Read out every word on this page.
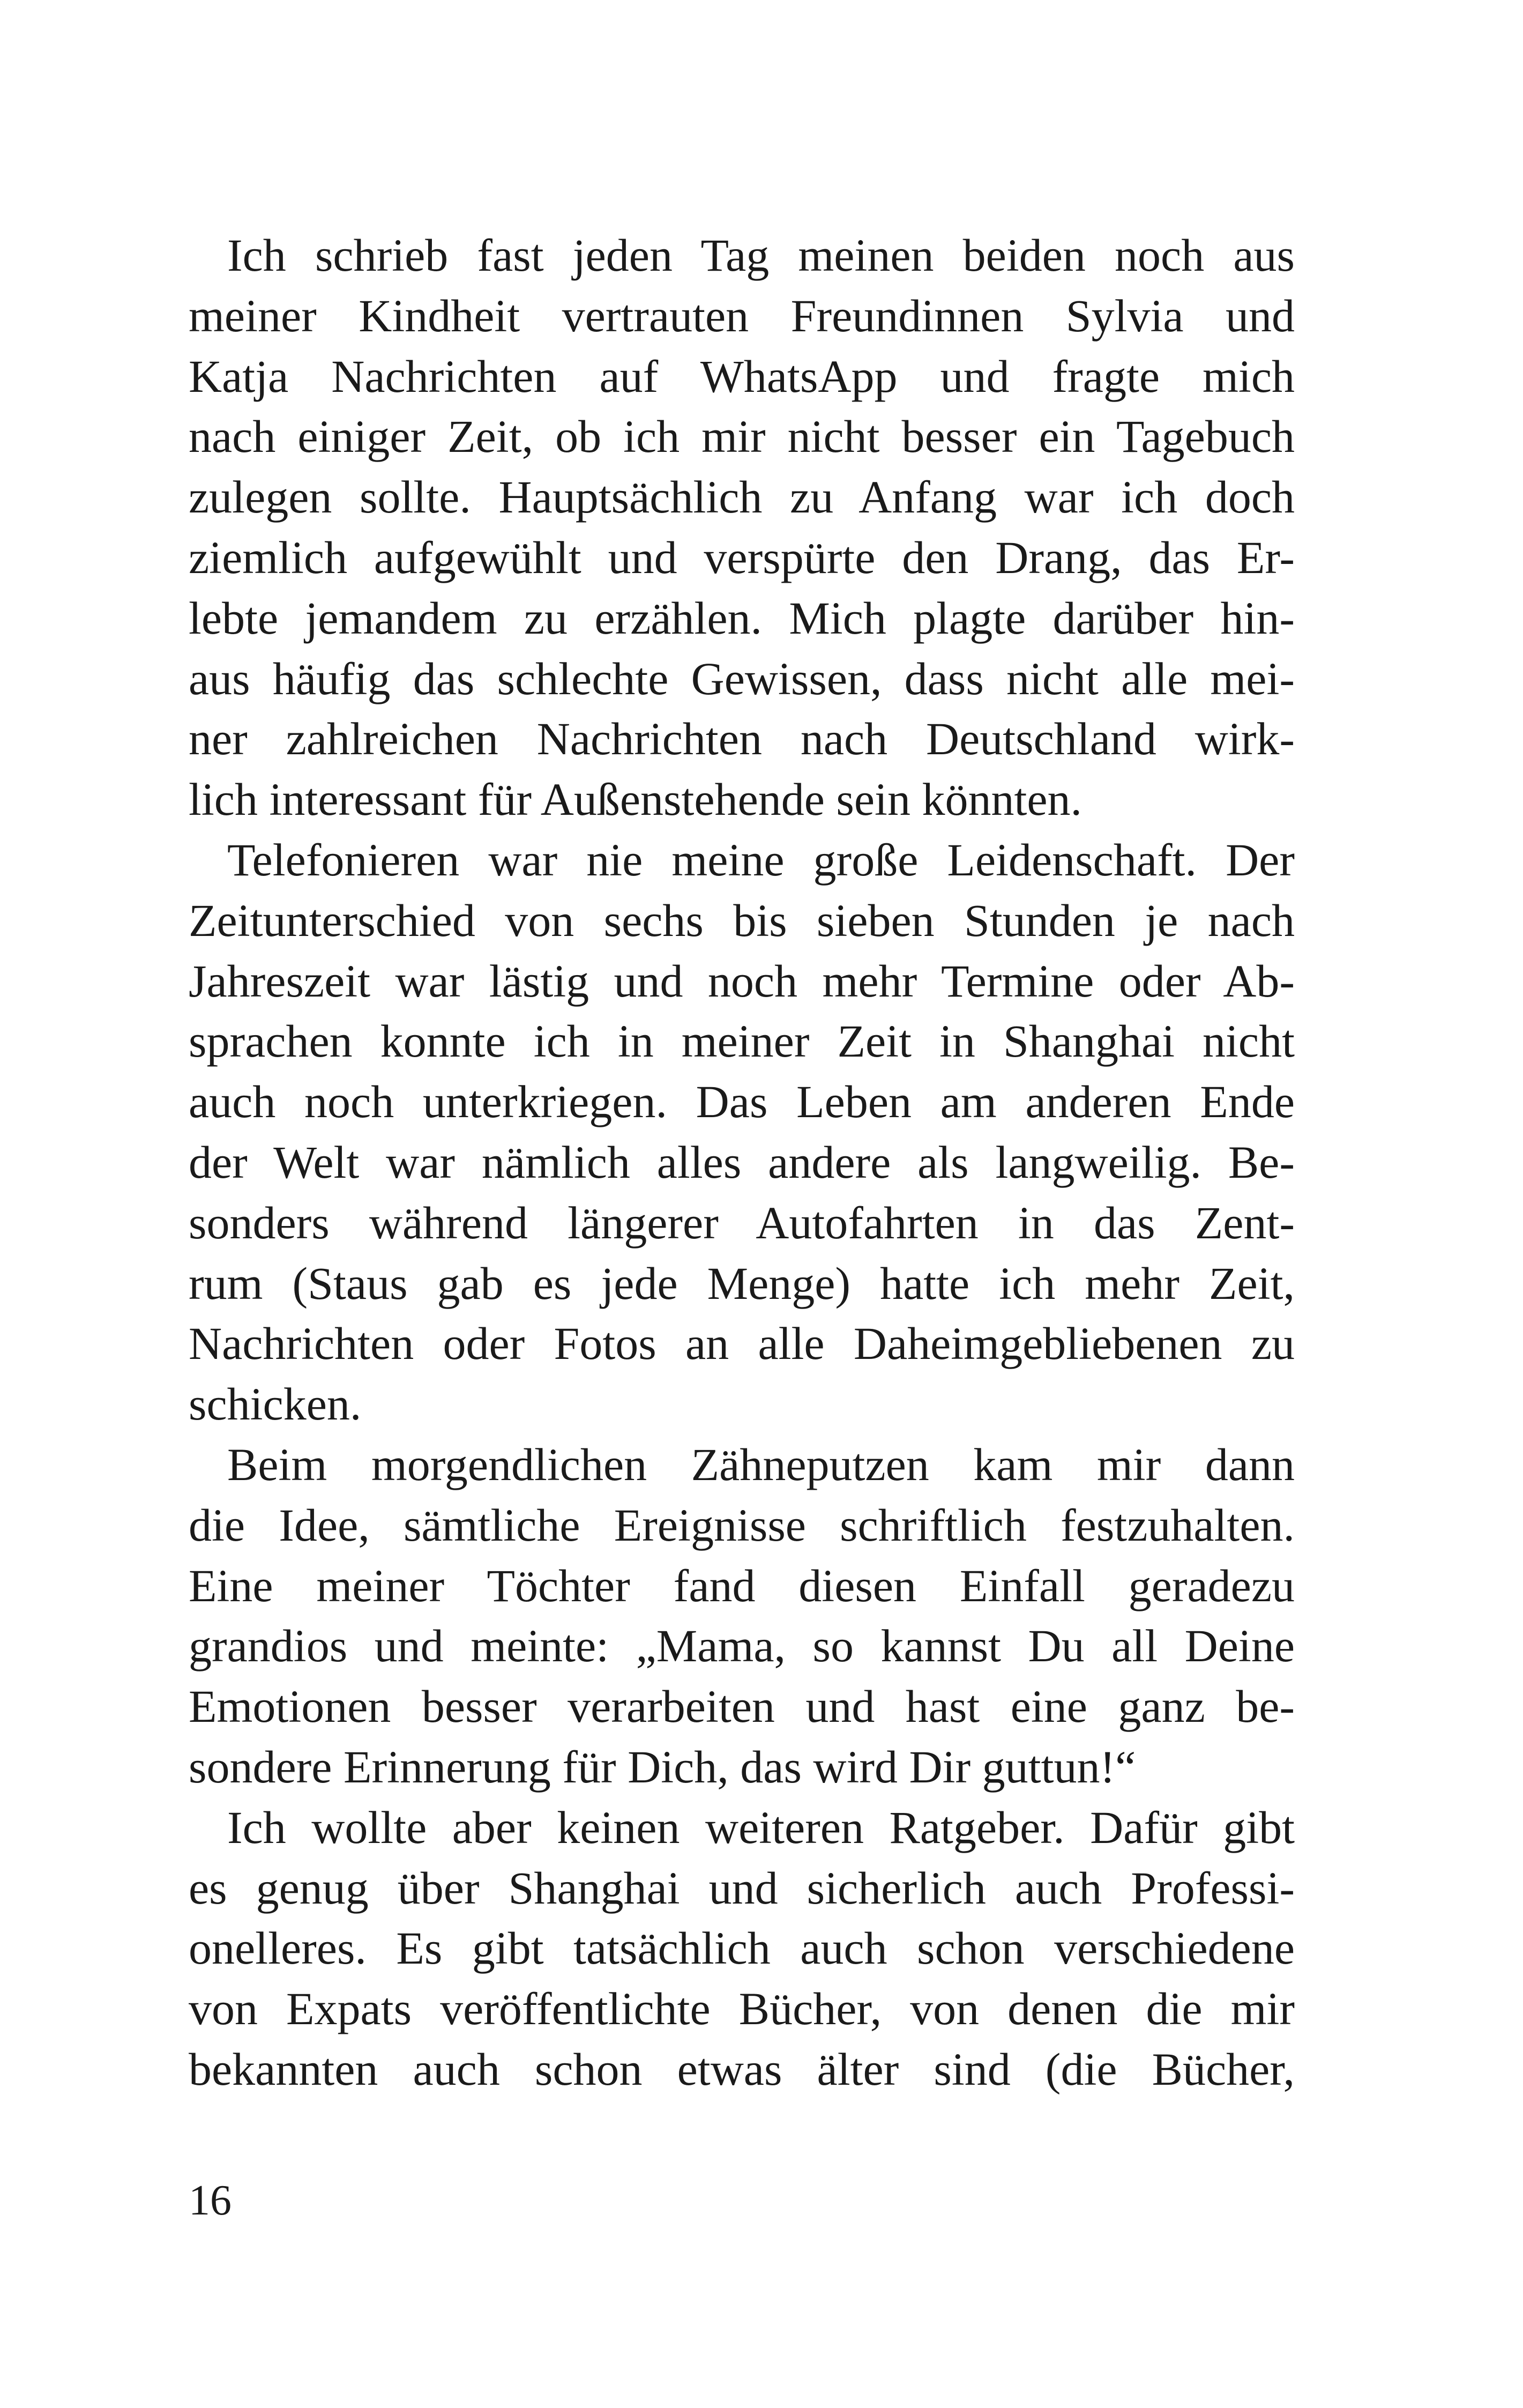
Ich schrieb fast jeden Tag meinen beiden noch aus
meiner Kindheit vertrauten Freundinnen Sylvia und
Katja Nachrichten auf WhatsApp und fragte mich
nach einiger Zeit, ob ich mir nicht besser ein Tagebuch
zulegen sollte. Hauptsächlich zu Anfang war ich doch
ziemlich aufgewühlt und verspürte den Drang, das Er-
lebte jemandem zu erzählen. Mich plagte darüber hin-
aus häufig das schlechte Gewissen, dass nicht alle mei-
ner zahlreichen Nachrichten nach Deutschland wirk-
lich interessant für Außenstehende sein könnten.
Telefonieren war nie meine große Leidenschaft. Der
Zeitunterschied von sechs bis sieben Stunden je nach
Jahreszeit war lästig und noch mehr Termine oder Ab-
sprachen konnte ich in meiner Zeit in Shanghai nicht
auch noch unterkriegen. Das Leben am anderen Ende
der Welt war nämlich alles andere als langweilig. Be-
sonders während längerer Autofahrten in das Zent-
rum (Staus gab es jede Menge) hatte ich mehr Zeit,
Nachrichten oder Fotos an alle Daheimgebliebenen zu
schicken.
Beim morgendlichen Zähneputzen kam mir dann
die Idee, sämtliche Ereignisse schriftlich festzuhalten.
Eine meiner Töchter fand diesen Einfall geradezu
grandios und meinte: „Mama, so kannst Du all Deine
Emotionen besser verarbeiten und hast eine ganz be-
sondere Erinnerung für Dich, das wird Dir guttun!“
Ich wollte aber keinen weiteren Ratgeber. Dafür gibt
es genug über Shanghai und sicherlich auch Professi-
onelleres. Es gibt tatsächlich auch schon verschiedene
von Expats veröffentlichte Bücher, von denen die mir
bekannten auch schon etwas älter sind (die Bücher,
16
